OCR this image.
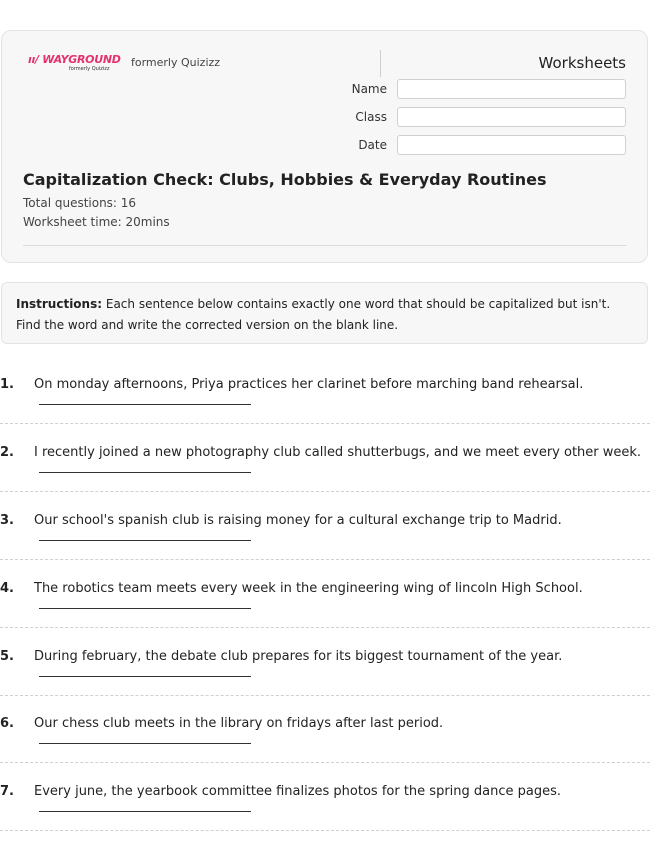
ıı/ WAYGROUND
formerly Quizizz formerly Quizizz	Worksheets
Name
Class
Date
Capitalization Check: Clubs, Hobbies & Everyday Routines
Total questions: 16
Worksheet time: 20mins
Instructions: Each sentence below contains exactly one word that should be capitalized but isn't. Find the word and write the corrected version on the blank line.
1. On monday afternoons, Priya practices her clarinet before marching band rehearsal.
2. I recently joined a new photography club called shutterbugs, and we meet every other week.
3. Our school's spanish club is raising money for a cultural exchange trip to Madrid.
4. The robotics team meets every week in the engineering wing of lincoln High School.
5. During february, the debate club prepares for its biggest tournament of the year.
6. Our chess club meets in the library on fridays after last period.
7. Every june, the yearbook committee finalizes photos for the spring dance pages.
